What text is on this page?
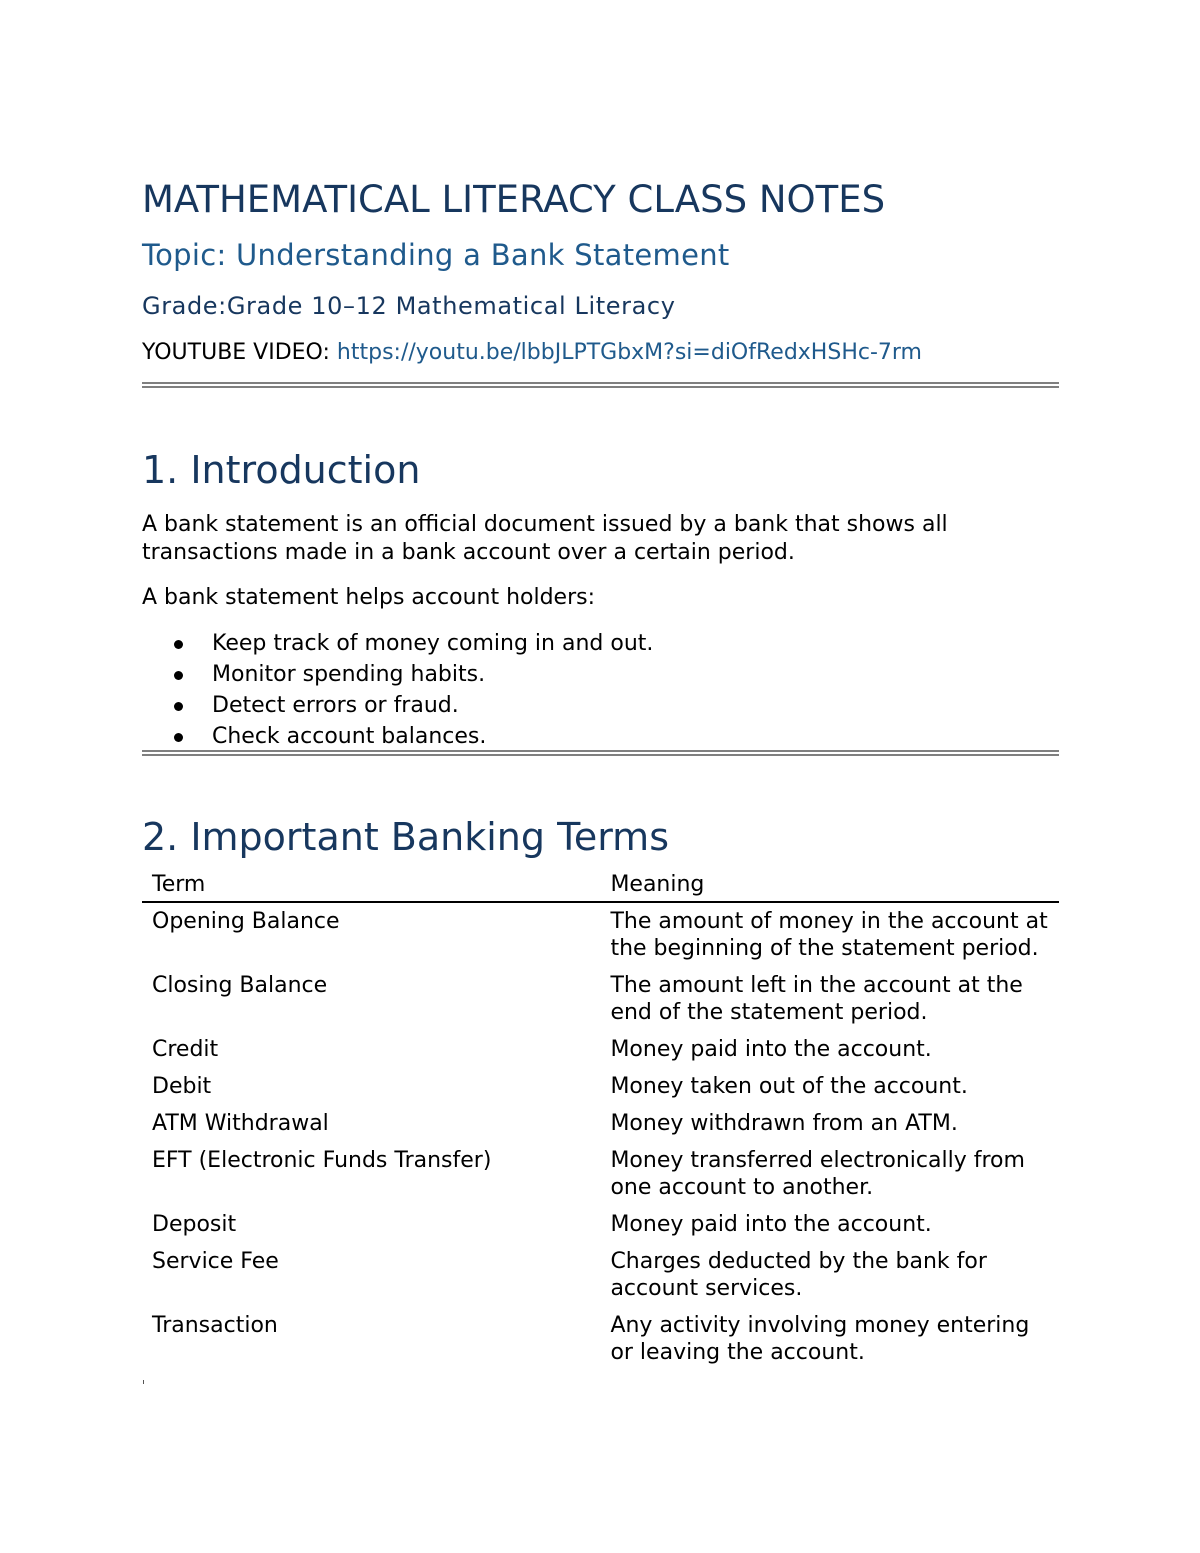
MATHEMATICAL LITERACY CLASS NOTES
Topic: Understanding a Bank Statement
Grade:Grade 10–12 Mathematical Literacy
YOUTUBE VIDEO: https://youtu.be/lbbJLPTGbxM?si=diOfRedxHSHc-7rm
1. Introduction

A bank statement is an official document issued by a bank that shows all transactions made in a bank account over a certain period.

A bank statement helps account holders:

Keep track of money coming in and out.
Monitor spending habits.
Detect errors or fraud.
Check account balances.
2. Important Banking Terms
Term	Meaning
Opening Balance	The amount of money in the account at the beginning of the statement period.
Closing Balance	The amount left in the account at the end of the statement period.
Credit	Money paid into the account.
Debit	Money taken out of the account.
ATM Withdrawal	Money withdrawn from an ATM.
EFT (Electronic Funds Transfer)	Money transferred electronically from one account to another.
Deposit	Money paid into the account.
Service Fee	Charges deducted by the bank for account services.
Transaction	Any activity involving money entering or leaving the account.
